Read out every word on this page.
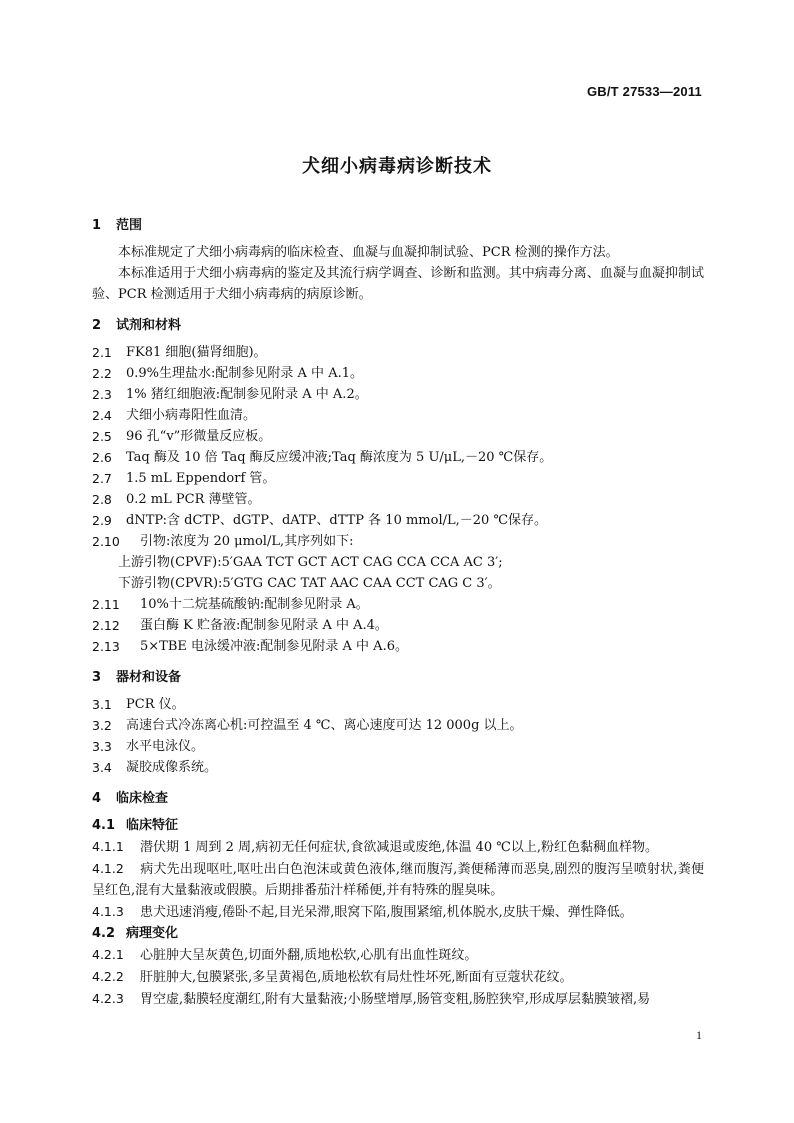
GB/T 27533—2011
犬细小病毒病诊断技术
1	范围
本标准规定了犬细小病毒病的临床检查、血凝与血凝抑制试验、PCR 检测的操作方法。
本标准适用于犬细小病毒病的鉴定及其流行病学调查、诊断和监测。其中病毒分离、血凝与血凝抑制试验、PCR 检测适用于犬细小病毒病的病原诊断。
2	试剂和材料
2.1	FK81 细胞(猫肾细胞)。
2.2	0.9%生理盐水:配制参见附录 A 中 A.1。
2.3	1% 猪红细胞液:配制参见附录 A 中 A.2。
2.4	犬细小病毒阳性血清。
2.5	96 孔“v”形微量反应板。
2.6	Taq 酶及 10 倍 Taq 酶反应缓冲液;Taq 酶浓度为 5 U/μL,－20 ℃保存。
2.7	1.5 mL Eppendorf 管。
2.8	0.2 mL PCR 薄壁管。
2.9	dNTP:含 dCTP、dGTP、dATP、dTTP 各 10 mmol/L,－20 ℃保存。
2.10	引物:浓度为 20 μmol/L,其序列如下:
上游引物(CPVF):5′GAA TCT GCT ACT CAG CCA CCA AC 3′;
下游引物(CPVR):5′GTG CAC TAT AAC CAA CCT CAG C 3′。
2.11	10%十二烷基硫酸钠:配制参见附录 A。
2.12	蛋白酶 K 贮备液:配制参见附录 A 中 A.4。
2.13	5×TBE 电泳缓冲液:配制参见附录 A 中 A.6。
3	器材和设备
3.1	PCR 仪。
3.2	高速台式冷冻离心机:可控温至 4 ℃、离心速度可达 12 000g 以上。
3.3	水平电泳仪。
3.4	凝胶成像系统。
4	临床检查
4.1 临床特征
4.1.1 潜伏期 1 周到 2 周,病初无任何症状,食欲减退或废绝,体温 40 ℃以上,粉红色黏稠血样物。
4.1.2 病犬先出现呕吐,呕吐出白色泡沫或黄色液体,继而腹泻,粪便稀薄而恶臭,剧烈的腹泻呈喷射状,粪便呈红色,混有大量黏液或假膜。后期排番茄汁样稀便,并有特殊的腥臭味。
4.1.3 患犬迅速消瘦,倦卧不起,目光呆滞,眼窝下陷,腹围紧缩,机体脱水,皮肤干燥、弹性降低。
4.2 病理变化
4.2.1 心脏肿大呈灰黄色,切面外翻,质地松软,心肌有出血性斑纹。
4.2.2 肝脏肿大,包膜紧张,多呈黄褐色,质地松软有局灶性坏死,断面有豆蔻状花纹。
4.2.3 胃空虚,黏膜轻度潮红,附有大量黏液;小肠壁增厚,肠管变粗,肠腔狭窄,形成厚层黏膜皱褶,易
1
